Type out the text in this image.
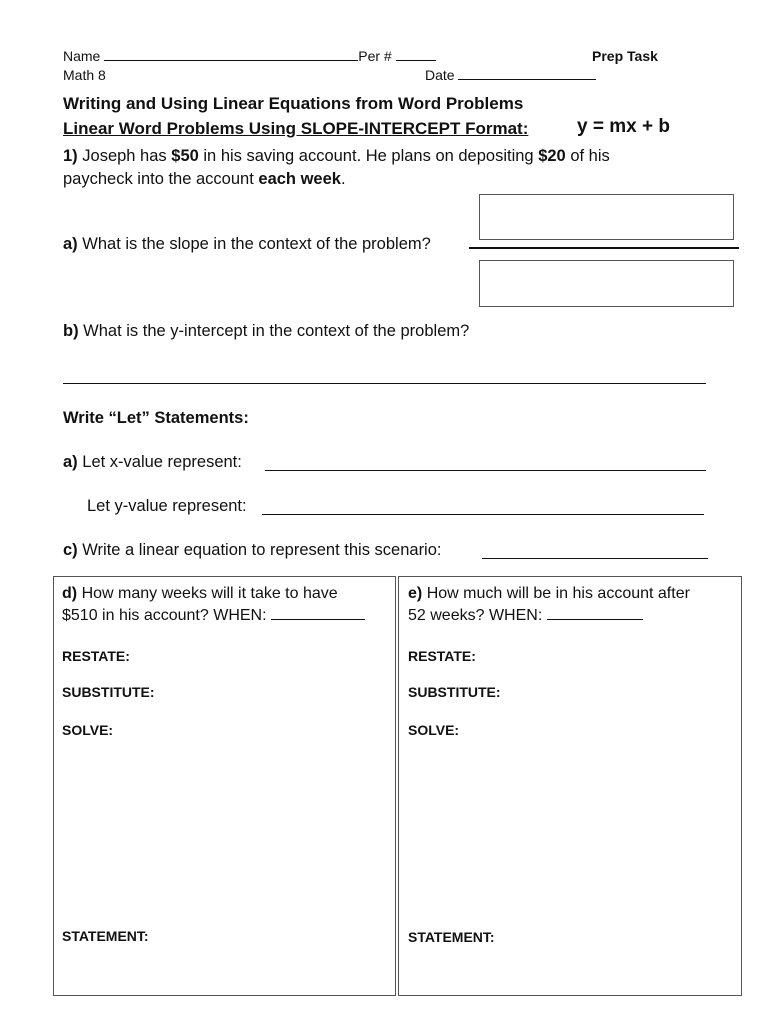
Name	Per #	Prep Task
Math 8	Date
Writing and Using Linear Equations from Word Problems
Linear Word Problems Using SLOPE-INTERCEPT Format:	y = mx + b
1) Joseph has $50 in his saving account. He plans on depositing $20 of his
paycheck into the account each week.
a) What is the slope in the context of the problem?
b) What is the y-intercept in the context of the problem?
Write “Let” Statements:
a) Let x-value represent:
Let y-value represent:
c) Write a linear equation to represent this scenario:
d) How many weeks will it take to have
$510 in his account? WHEN:
RESTATE:
SUBSTITUTE:
SOLVE:
STATEMENT:
e) How much will be in his account after
52 weeks? WHEN:
RESTATE:
SUBSTITUTE:
SOLVE:
STATEMENT:
